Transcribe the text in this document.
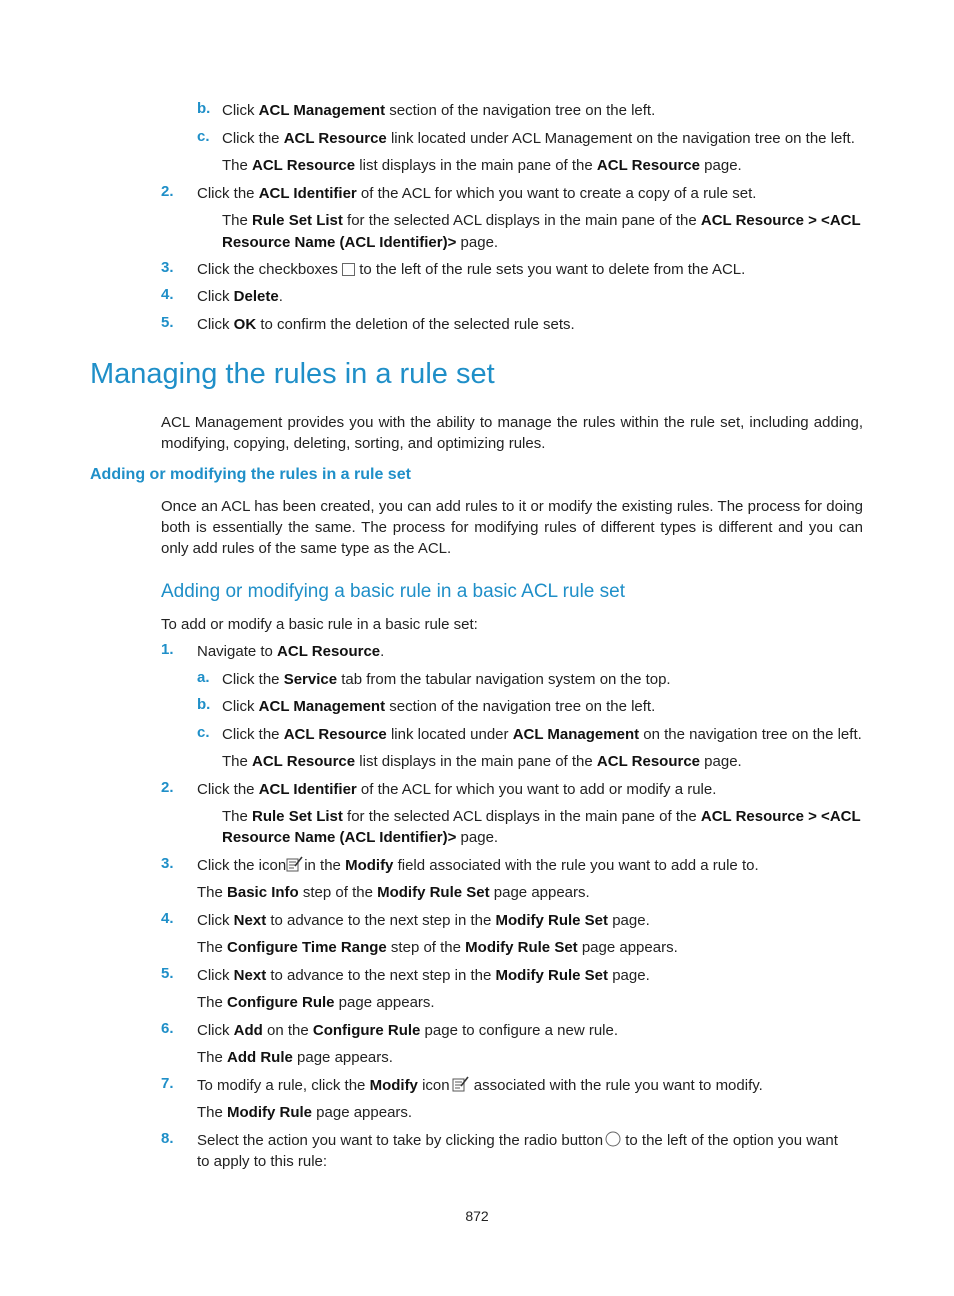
b. Click ACL Management section of the navigation tree on the left.
c. Click the ACL Resource link located under ACL Management on the navigation tree on the left.
The ACL Resource list displays in the main pane of the ACL Resource page.
2. Click the ACL Identifier of the ACL for which you want to create a copy of a rule set.
The Rule Set List for the selected ACL displays in the main pane of the ACL Resource > <ACL
Resource Name (ACL Identifier)> page.
3. Click the checkboxes  to the left of the rule sets you want to delete from the ACL.
4. Click Delete.
5. Click OK to confirm the deletion of the selected rule sets.
Managing the rules in a rule set
ACL Management provides you with the ability to manage the rules within the rule set, including adding, modifying, copying, deleting, sorting, and optimizing rules.
Adding or modifying the rules in a rule set
Once an ACL has been created, you can add rules to it or modify the existing rules. The process for doing both is essentially the same. The process for modifying rules of different types is different and you can only add rules of the same type as the ACL.
Adding or modifying a basic rule in a basic ACL rule set
To add or modify a basic rule in a basic rule set:
1. Navigate to ACL Resource.
a. Click the Service tab from the tabular navigation system on the top.
b. Click ACL Management section of the navigation tree on the left.
c. Click the ACL Resource link located under ACL Management on the navigation tree on the left.
The ACL Resource list displays in the main pane of the ACL Resource page.
2. Click the ACL Identifier of the ACL for which you want to add or modify a rule.
The Rule Set List for the selected ACL displays in the main pane of the ACL Resource > <ACL
Resource Name (ACL Identifier)> page.
3. Click the icon in the Modify field associated with the rule you want to add a rule to.
The Basic Info step of the Modify Rule Set page appears.
4. Click Next to advance to the next step in the Modify Rule Set page.
The Configure Time Range step of the Modify Rule Set page appears.
5. Click Next to advance to the next step in the Modify Rule Set page.
The Configure Rule page appears.
6. Click Add on the Configure Rule page to configure a new rule.
The Add Rule page appears.
7. To modify a rule, click the Modify icon associated with the rule you want to modify.
The Modify Rule page appears.
8. Select the action you want to take by clicking the radio button to the left of the option you want
to apply to this rule:
872
